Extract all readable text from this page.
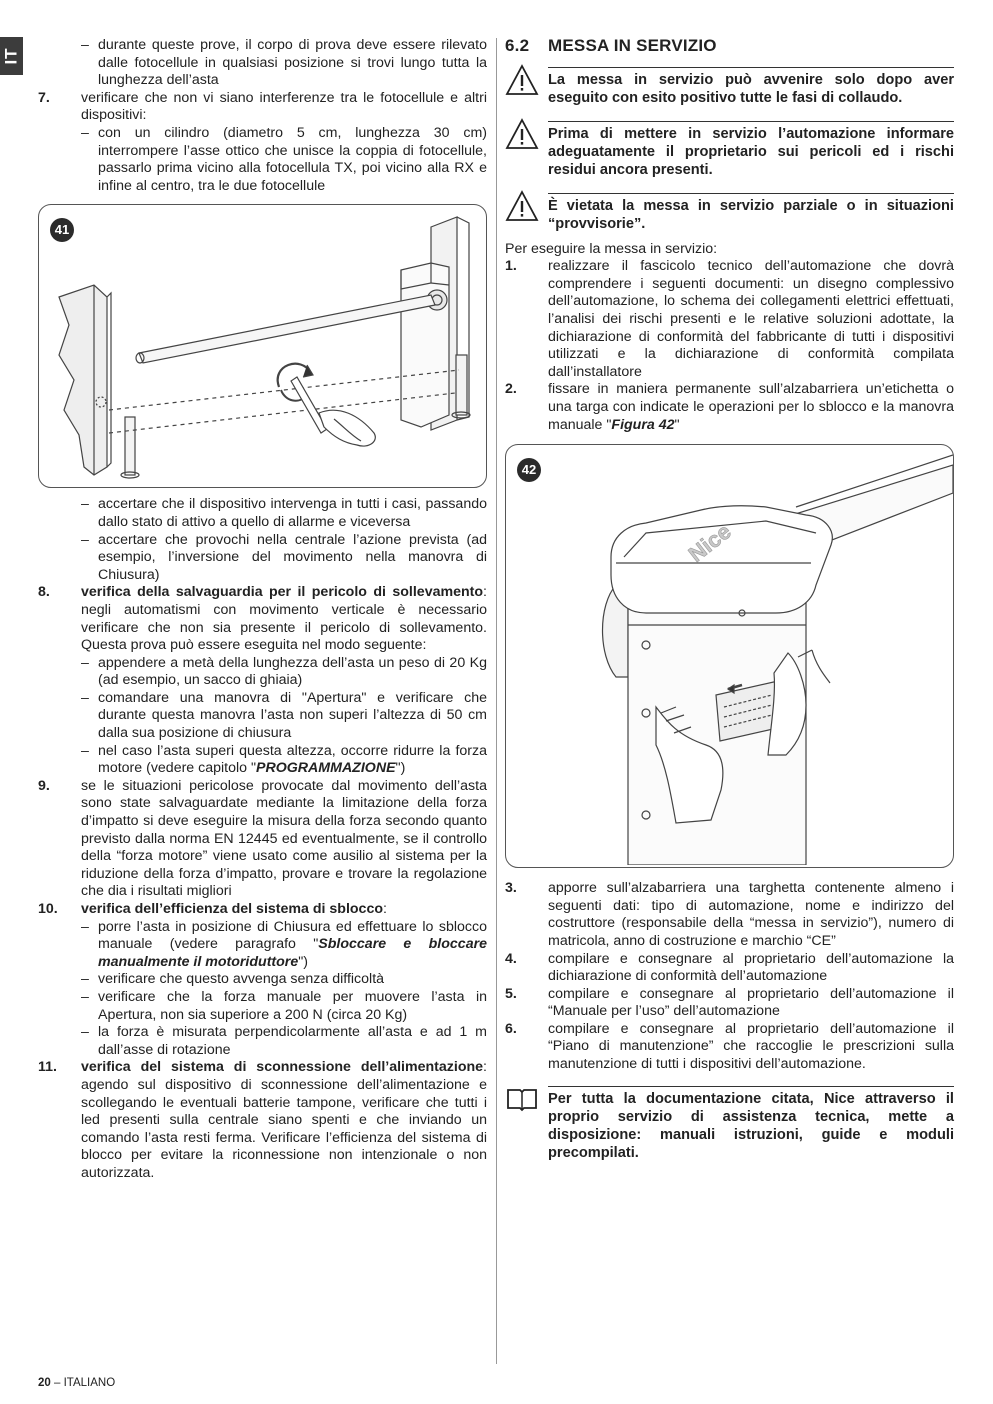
IT
– durante queste prove, il corpo di prova deve essere rilevato dalle fotocellule in qualsiasi posizione si trovi lungo tutta la lunghezza dell’asta
7. verificare che non vi siano interferenze tra le fotocellule e altri dispositivi:
– con un cilindro (diametro 5 cm, lunghezza 30 cm) interrompere l’asse ottico che unisce la coppia di fotocellule, passarlo prima vicino alla fotocellula TX, poi vicino alla RX e infine al centro, tra le due fotocellule
41
– accertare che il dispositivo intervenga in tutti i casi, passando dallo stato di attivo a quello di allarme e viceversa
– accertare che provochi nella centrale l’azione prevista (ad esempio, l’inversione del movimento nella manovra di Chiusura)
8. verifica della salvaguardia per il pericolo di sollevamento: negli automatismi con movimento verticale è necessario verificare che non sia presente il pericolo di sollevamento. Questa prova può essere eseguita nel modo seguente:
– appendere a metà della lunghezza dell’asta un peso di 20 Kg (ad esempio, un sacco di ghiaia)
– comandare una manovra di "Apertura" e verificare che durante questa manovra l’asta non superi l’altezza di 50 cm dalla sua posizione di chiusura
– nel caso l’asta superi questa altezza, occorre ridurre la forza motore (vedere capitolo "PROGRAMMAZIONE")
9. se le situazioni pericolose provocate dal movimento dell’asta sono state salvaguardate mediante la limitazione della forza d’impatto si deve eseguire la misura della forza secondo quanto previsto dalla norma EN 12445 ed eventualmente, se il controllo della “forza motore” viene usato come ausilio al sistema per la riduzione della forza d’impatto, provare e trovare la regolazione che dia i risultati migliori
10. verifica dell’efficienza del sistema di sblocco:
– porre l’asta in posizione di Chiusura ed effettuare lo sblocco manuale (vedere paragrafo "Sbloccare e bloccare manualmente il motoriduttore")
– verificare che questo avvenga senza difficoltà
– verificare che la forza manuale per muovere l’asta in Apertura, non sia superiore a 200 N (circa 20 Kg)
– la forza è misurata perpendicolarmente all’asta e ad 1 m dall’asse di rotazione
11. verifica del sistema di sconnessione dell’alimentazione: agendo sul dispositivo di sconnessione dell’alimentazione e scollegando le eventuali batterie tampone, verificare che tutti i led presenti sulla centrale siano spenti e che inviando un comando l’asta resti ferma. Verificare l’efficienza del sistema di blocco per evitare la riconnessione non intenzionale o non autorizzata.
6.2 MESSA IN SERVIZIO
La messa in servizio può avvenire solo dopo aver eseguito con esito positivo tutte le fasi di collaudo.
Prima di mettere in servizio l’automazione informare adeguatamente il proprietario sui pericoli ed i rischi residui ancora presenti.
È vietata la messa in servizio parziale o in situazioni “provvisorie”.
Per eseguire la messa in servizio:
1. realizzare il fascicolo tecnico dell’automazione che dovrà comprendere i seguenti documenti: un disegno complessivo dell’automazione, lo schema dei collegamenti elettrici effettuati, l’analisi dei rischi presenti e le relative soluzioni adottate, la dichiarazione di conformità del fabbricante di tutti i dispositivi utilizzati e la dichiarazione di conformità compilata dall’installatore
2. fissare in maniera permanente sull’alzabarriera un’etichetta o una targa con indicate le operazioni per lo sblocco e la manovra manuale "Figura 42"
42
Nice
3. apporre sull’alzabarriera una targhetta contenente almeno i seguenti dati: tipo di automazione, nome e indirizzo del costruttore (responsabile della “messa in servizio”), numero di matricola, anno di costruzione e marchio “CE”
4. compilare e consegnare al proprietario dell’automazione la dichiarazione di conformità dell’automazione
5. compilare e consegnare al proprietario dell’automazione il “Manuale per l’uso” dell’automazione
6. compilare e consegnare al proprietario dell’automazione il “Piano di manutenzione” che raccoglie le prescrizioni sulla manutenzione di tutti i dispositivi dell’automazione.
Per tutta la documentazione citata, Nice attraverso il proprio servizio di assistenza tecnica, mette a disposizione: manuali istruzioni, guide e moduli precompilati.
20 – ITALIANO
